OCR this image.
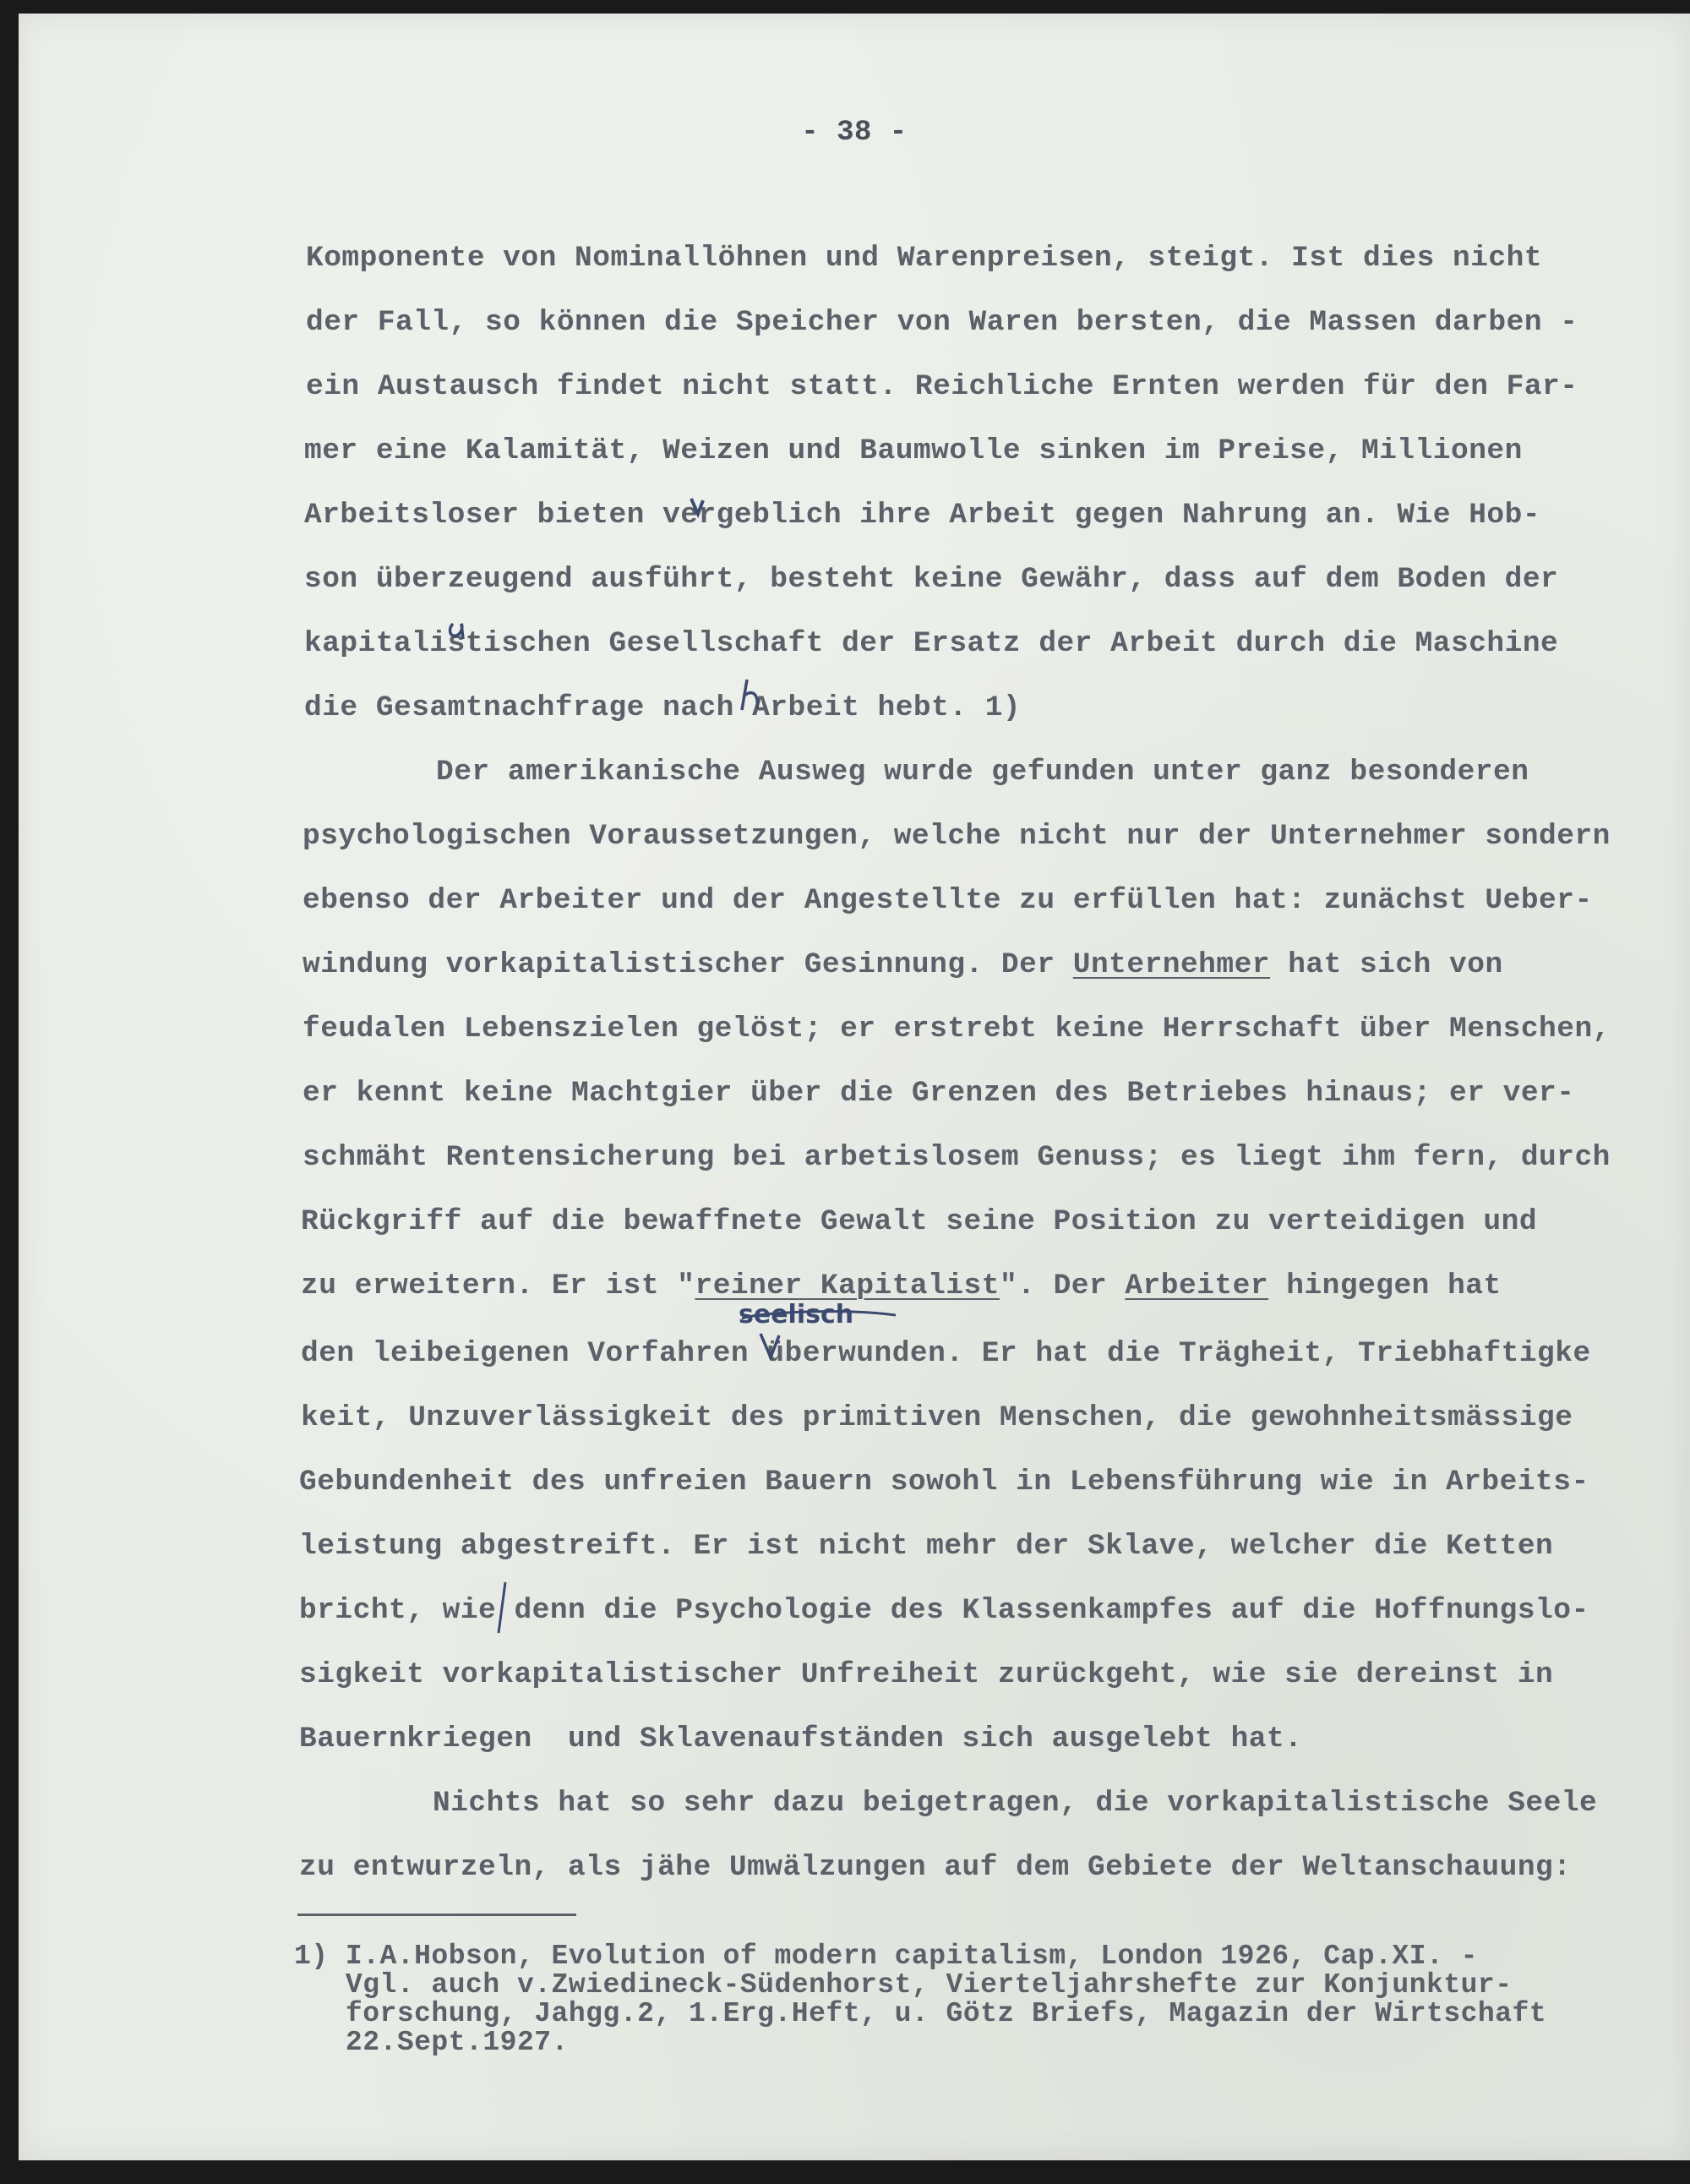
- 38 -
Komponente von Nominallöhnen und Warenpreisen, steigt. Ist dies nicht
der Fall, so können die Speicher von Waren bersten, die Massen darben -
ein Austausch findet nicht statt. Reichliche Ernten werden für den Far-
mer eine Kalamität, Weizen und Baumwolle sinken im Preise, Millionen
Arbeitsloser bieten vergeblich ihre Arbeit gegen Nahrung an. Wie Hob-
son überzeugend ausführt, besteht keine Gewähr, dass auf dem Boden der
kapitalistischen Gesellschaft der Ersatz der Arbeit durch die Maschine
die Gesamtnachfrage nach Arbeit hebt. 1)
Der amerikanische Ausweg wurde gefunden unter ganz besonderen
psychologischen Voraussetzungen, welche nicht nur der Unternehmer sondern
ebenso der Arbeiter und der Angestellte zu erfüllen hat: zunächst Ueber-
windung vorkapitalistischer Gesinnung. Der Unternehmer hat sich von
feudalen Lebenszielen gelöst; er erstrebt keine Herrschaft über Menschen,
er kennt keine Machtgier über die Grenzen des Betriebes hinaus; er ver-
schmäht Rentensicherung bei arbetislosem Genuss; es liegt ihm fern, durch
Rückgriff auf die bewaffnete Gewalt seine Position zu verteidigen und
zu erweitern. Er ist "reiner Kapitalist". Der Arbeiter hingegen hat
seelisch
den leibeigenen Vorfahren überwunden. Er hat die Trägheit, Triebhaftigke
keit, Unzuverlässigkeit des primitiven Menschen, die gewohnheitsmässige
Gebundenheit des unfreien Bauern sowohl in Lebensführung wie in Arbeits-
leistung abgestreift. Er ist nicht mehr der Sklave, welcher die Ketten
bricht, wie denn die Psychologie des Klassenkampfes auf die Hoffnungslo-
sigkeit vorkapitalistischer Unfreiheit zurückgeht, wie sie dereinst in
Bauernkriegen  und Sklavenaufständen sich ausgelebt hat.
Nichts hat so sehr dazu beigetragen, die vorkapitalistische Seele
zu entwurzeln, als jähe Umwälzungen auf dem Gebiete der Weltanschauung:
1) I.A.Hobson, Evolution of modern capitalism, London 1926, Cap.XI. -
Vgl. auch v.Zwiedineck-Südenhorst, Vierteljahrshefte zur Konjunktur-
forschung, Jahgg.2, 1.Erg.Heft, u. Götz Briefs, Magazin der Wirtschaft
22.Sept.1927.
